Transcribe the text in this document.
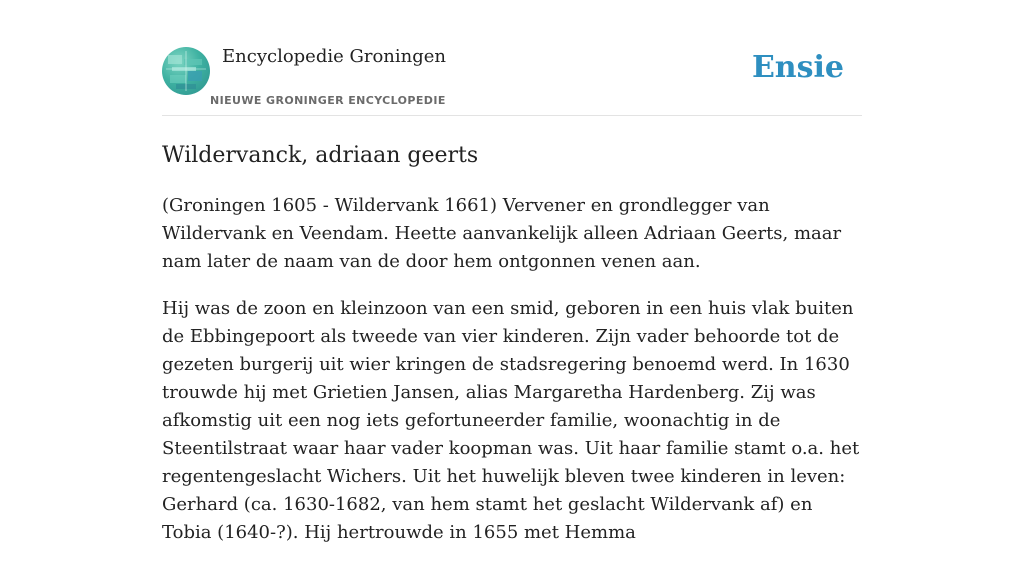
Encyclopedie Groningen
NIEUWE GRONINGER ENCYCLOPEDIE
Ensie
Wildervanck, adriaan geerts

(Groningen 1605 - Wildervank 1661) Vervener en grondlegger van Wildervank en Veendam. Heette aanvankelijk alleen Adriaan Geerts, maar nam later de naam van de door hem ontgonnen venen aan.

Hij was de zoon en kleinzoon van een smid, geboren in een huis vlak buiten de Ebbingepoort als tweede van vier kinderen. Zijn vader behoorde tot de gezeten burgerij uit wier kringen de stadsregering benoemd werd. In 1630 trouwde hij met Grietien Jansen, alias Margaretha Hardenberg. Zij was afkomstig uit een nog iets gefortuneerder familie, woonachtig in de Steentilstraat waar haar vader koopman was. Uit haar familie stamt o.a. het regentengeslacht Wichers. Uit het huwelijk bleven twee kinderen in leven: Gerhard (ca. 1630-1682, van hem stamt het geslacht Wildervank af) en Tobia (1640-?). Hij hertrouwde in 1655 met Hemma
